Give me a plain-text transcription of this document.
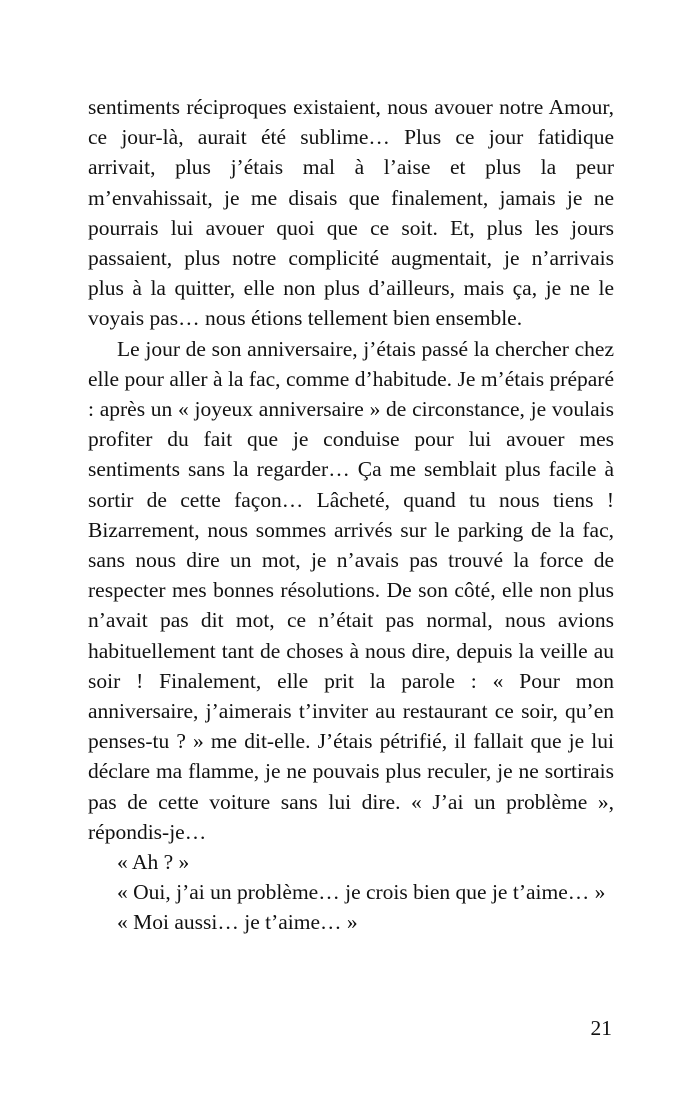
sentiments réciproques existaient, nous avouer notre Amour, ce jour-là, aurait été sublime… Plus ce jour fatidique arrivait, plus j’étais mal à l’aise et plus la peur m’envahissait, je me disais que finalement, jamais je ne pourrais lui avouer quoi que ce soit. Et, plus les jours passaient, plus notre complicité augmentait, je n’arrivais plus à la quitter, elle non plus d’ailleurs, mais ça, je ne le voyais pas… nous étions tellement bien ensemble.

Le jour de son anniversaire, j’étais passé la chercher chez elle pour aller à la fac, comme d’habitude. Je m’étais préparé : après un « joyeux anniversaire » de circonstance, je voulais profiter du fait que je conduise pour lui avouer mes sentiments sans la regarder… Ça me semblait plus facile à sortir de cette façon… Lâcheté, quand tu nous tiens ! Bizarrement, nous sommes arrivés sur le parking de la fac, sans nous dire un mot, je n’avais pas trouvé la force de respecter mes bonnes résolutions. De son côté, elle non plus n’avait pas dit mot, ce n’était pas normal, nous avions habituellement tant de choses à nous dire, depuis la veille au soir ! Finalement, elle prit la parole : « Pour mon anniversaire, j’aimerais t’inviter au restaurant ce soir, qu’en penses-tu ? » me dit-elle. J’étais pétrifié, il fallait que je lui déclare ma flamme, je ne pouvais plus reculer, je ne sortirais pas de cette voiture sans lui dire. « J’ai un problème », répondis-je…

« Ah ? »

« Oui, j’ai un problème… je crois bien que je t’aime… »

« Moi aussi… je t’aime… »

21
